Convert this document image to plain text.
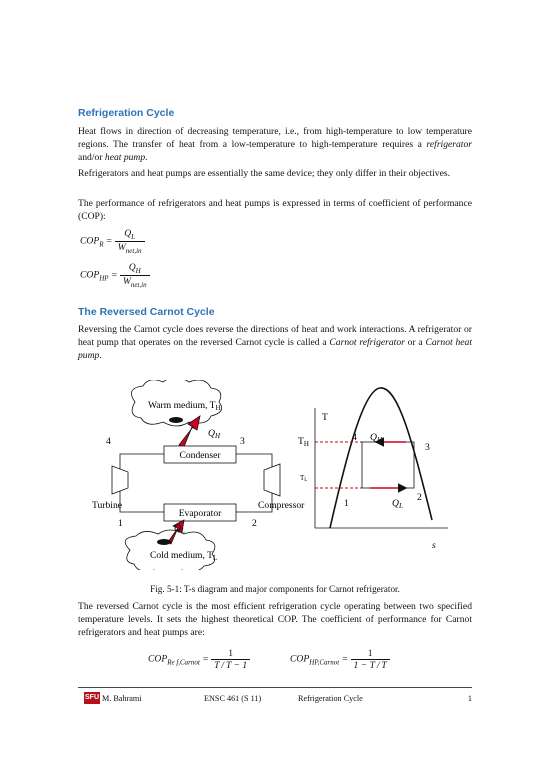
Refrigeration Cycle

Heat flows in direction of decreasing temperature, i.e., from high-temperature to low temperature regions. The transfer of heat from a low-temperature to high-temperature requires a refrigerator and/or heat pump.

Refrigerators and heat pumps are essentially the same device; they only differ in their objectives.

The performance of refrigerators and heat pumps is expressed in terms of coefficient of performance (COP):

$COP_R = \frac{Q_L}{W_{net,in}}$
$COP_{HP} = \frac{Q_H}{W_{net,in}}$
The Reversed Carnot Cycle

Reversing the Carnot cycle does reverse the directions of heat and work interactions. A refrigerator or heat pump that operates on the reversed Carnot cycle is called a Carnot refrigerator or a Carnot heat pump.

Warm medium, $T_H$
$Q_H$
4	3
Condenser
Turbine	Compressor
Evaporator
1	2
$Q_L$
Cold medium, $T_L$
T
s
$T_H$
TL
4
3
2
1
$Q_H$
$Q_L$
Fig. 5-1: T-s diagram and major components for Carnot refrigerator.

The reversed Carnot cycle is the most efficient refrigeration cycle operating between two specified temperature levels. It sets the highest theoretical COP. The coefficient of performance for Carnot refrigerators and heat pumps are:

$COP_{Re f,Carnot} = \frac{1}{T / T - 1}$	$COP_{HP,Carnot} = \frac{1}{1 - T / T}$
SFU M. Bahrami	ENSC 461 (S 11)	Refrigeration Cycle	1
